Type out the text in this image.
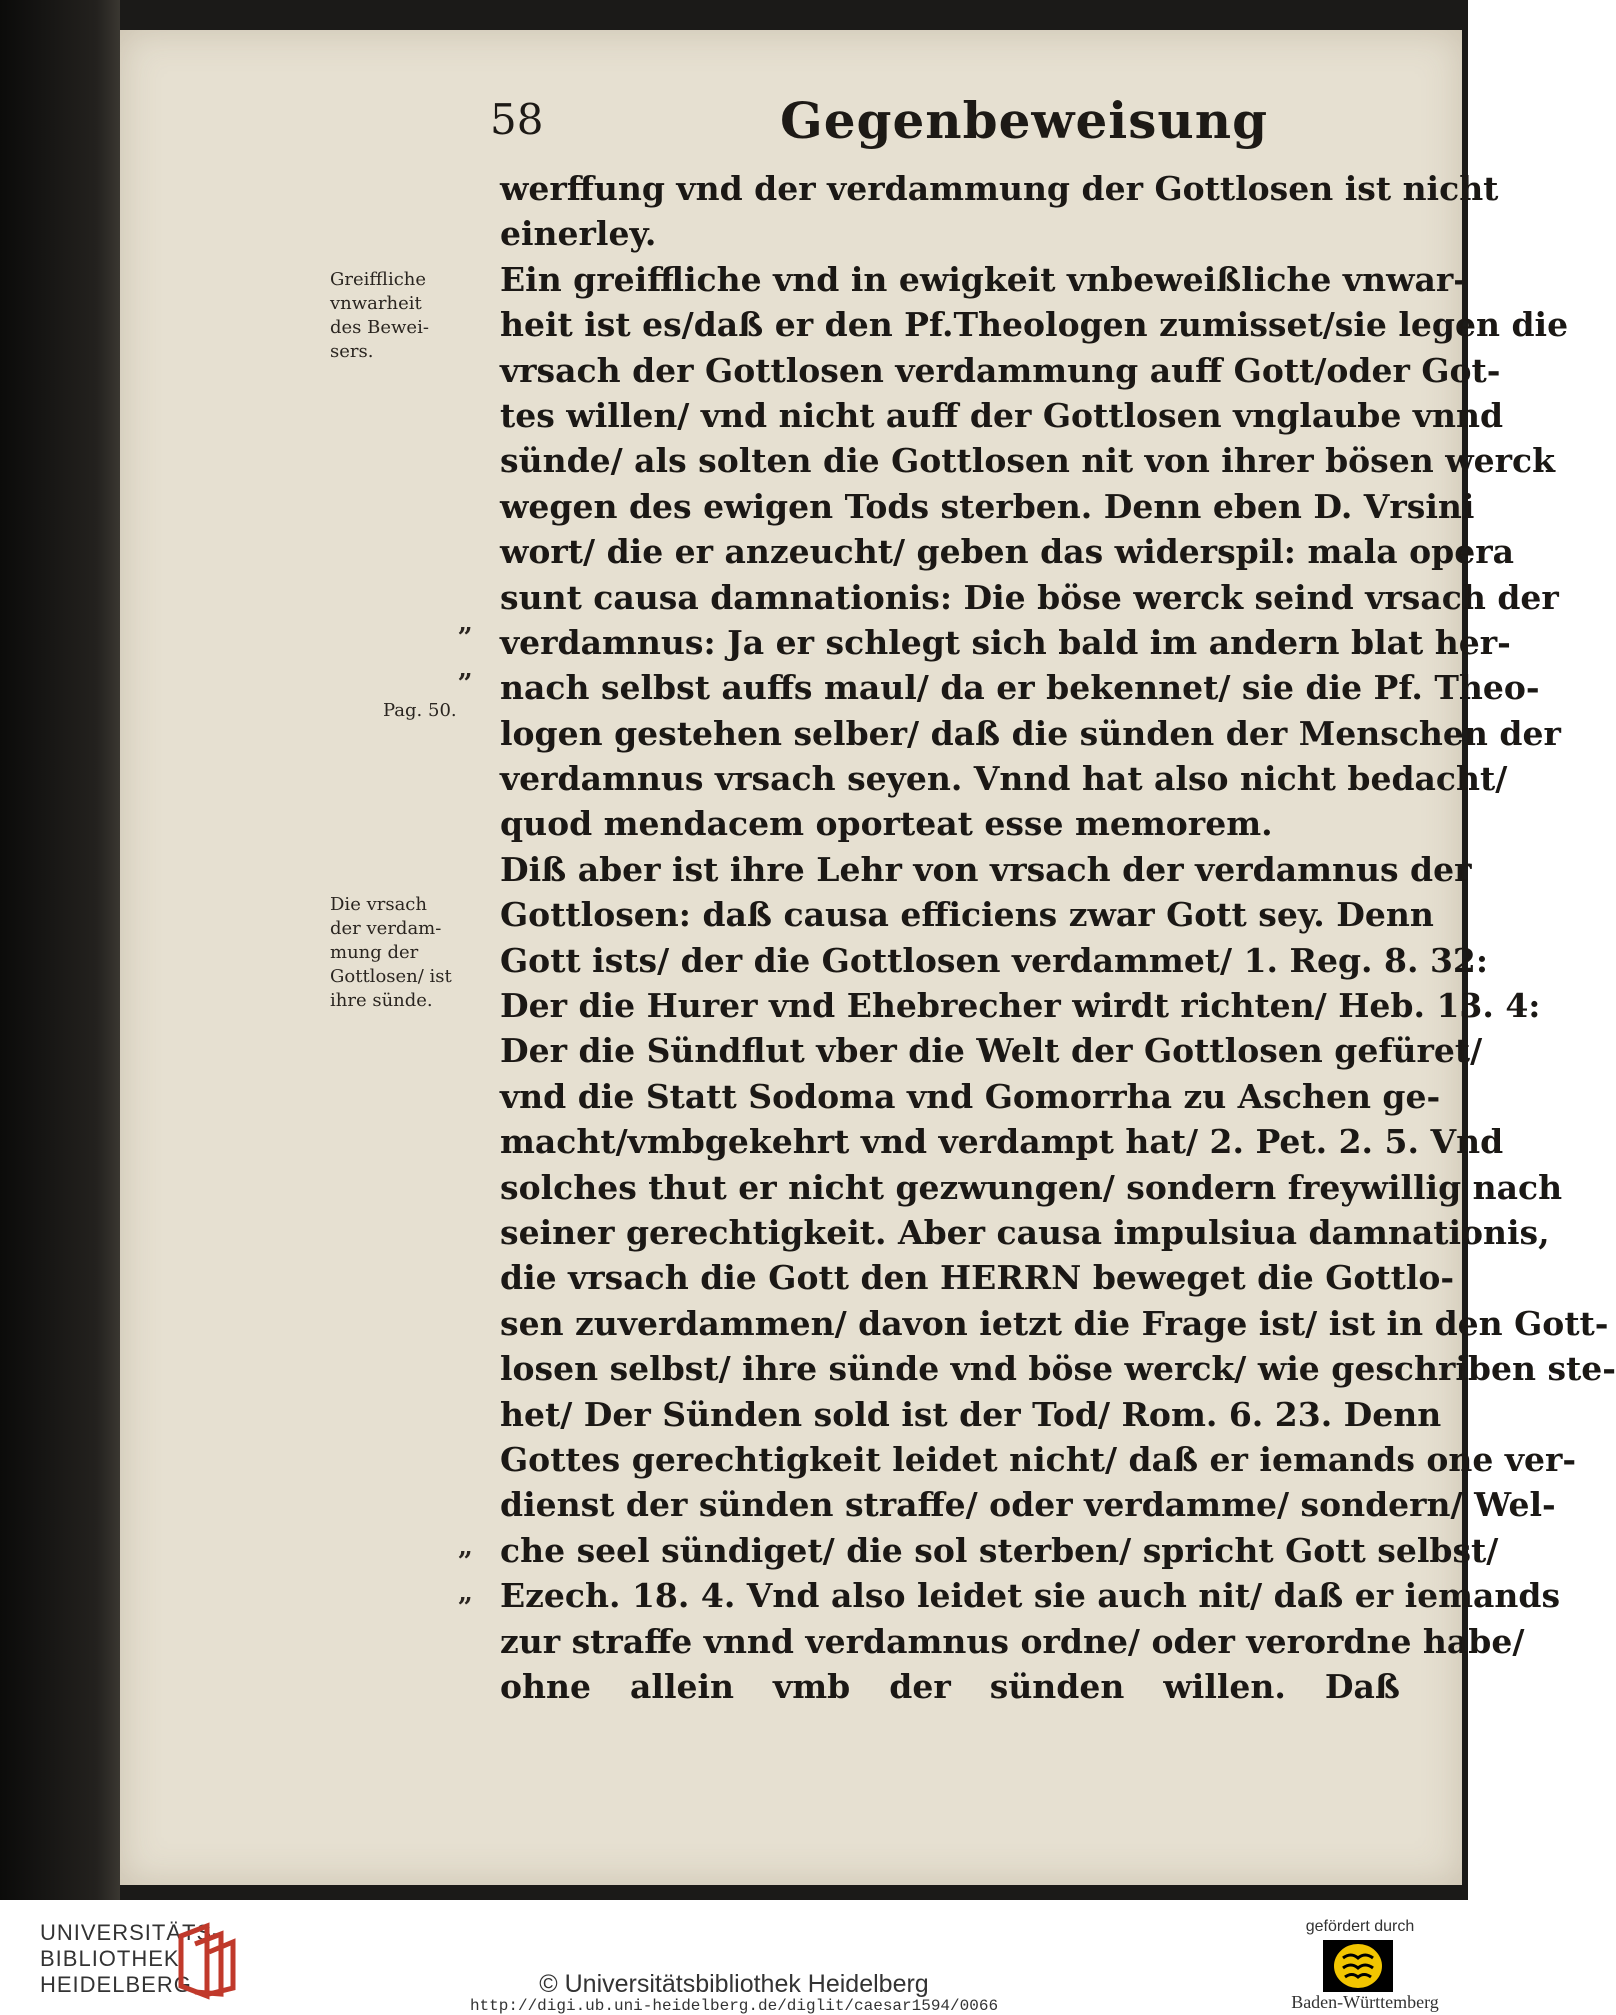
58	Gegenbeweisung
werffung vnd der verdammung der Gottlosen ist nicht
einerley.
Ein greiffliche vnd in ewigkeit vnbeweißliche vnwar-
heit ist es/daß er den Pf.Theologen zumisset/sie legen die
vrsach der Gottlosen verdammung auff Gott/oder Got-
tes willen/ vnd nicht auff der Gottlosen vnglaube vnnd
sünde/ als solten die Gottlosen nit von ihrer bösen werck
wegen des ewigen Tods sterben. Denn eben D. Vrsini
wort/ die er anzeucht/ geben das widerspil: mala opera
sunt causa damnationis: Die böse werck seind vrsach der
verdamnus: Ja er schlegt sich bald im andern blat her-
nach selbst auffs maul/ da er bekennet/ sie die Pf. Theo-
logen gestehen selber/ daß die sünden der Menschen der
verdamnus vrsach seyen. Vnnd hat also nicht bedacht/
quod mendacem oporteat esse memorem.
Diß aber ist ihre Lehr von vrsach der verdamnus der
Gottlosen: daß causa efficiens zwar Gott sey. Denn
Gott ists/ der die Gottlosen verdammet/ 1. Reg. 8. 32:
Der die Hurer vnd Ehebrecher wirdt richten/ Heb. 13. 4:
Der die Sündflut vber die Welt der Gottlosen gefüret/
vnd die Statt Sodoma vnd Gomorrha zu Aschen ge-
macht/vmbgekehrt vnd verdampt hat/ 2. Pet. 2. 5. Vnd
solches thut er nicht gezwungen/ sondern freywillig nach
seiner gerechtigkeit. Aber causa impulsiua damnationis,
die vrsach die Gott den HERRN beweget die Gottlo-
sen zuverdammen/ davon ietzt die Frage ist/ ist in den Gott-
losen selbst/ ihre sünde vnd böse werck/ wie geschriben ste-
het/ Der Sünden sold ist der Tod/ Rom. 6. 23. Denn
Gottes gerechtigkeit leidet nicht/ daß er iemands one ver-
dienst der sünden straffe/ oder verdamme/ sondern/ Wel-
che seel sündiget/ die sol sterben/ spricht Gott selbst/
Ezech. 18. 4. Vnd also leidet sie auch nit/ daß er iemands
zur straffe vnnd verdamnus ordne/ oder verordne habe/
ohne allein vmb der sünden willen. Daß
Greiffliche
vnwarheit
des Bewei-
sers.
Die vrsach
der verdam-
mung der
Gottlosen/ ist
ihre sünde.
Pag. 50.
„
„
„
„
UNIVERSITÄTS-
BIBLIOTHEK
HEIDELBERG	© Universitätsbibliothek Heidelberg
http://digi.ub.uni-heidelberg.de/diglit/caesar1594/0066
gefördert durch
Baden-Württemberg
